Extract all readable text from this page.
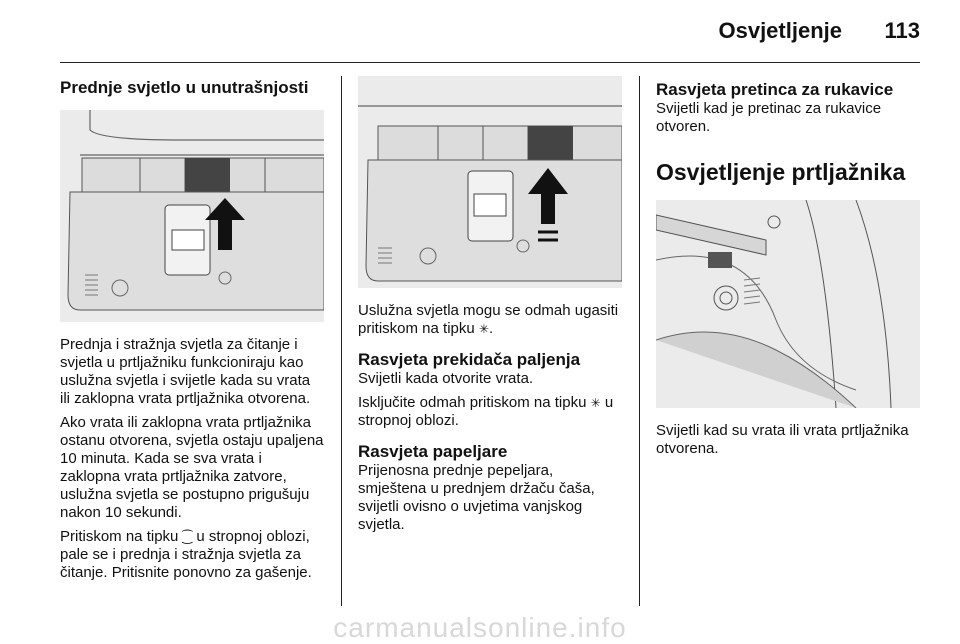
Osvjetljenje 113
Prednje svjetlo u unutrašnjosti

Prednja i stražnja svjetla za čitanje i svjetla u prtljažniku funkcioniraju kao uslužna svjetla i svijetle kada su vrata ili zaklopna vrata prtljažnika otvorena.

Ako vrata ili zaklopna vrata prtljažnika ostanu otvorena, svjetla ostaju upaljena 10 minuta. Kada se sva vrata i zaklopna vrata prtljažnika zatvore, uslužna svjetla se postupno prigušuju nakon 10 sekundi.

Pritiskom na tipku ⁐ u stropnoj oblozi, pale se i prednja i stražnja svjetla za čitanje. Pritisnite ponovno za gašenje.

Uslužna svjetla mogu se odmah ugasiti pritiskom na tipku ✳.

Rasvjeta prekidača paljenja

Svijetli kada otvorite vrata.

Isključite odmah pritiskom na tipku ✳ u stropnoj oblozi.

Rasvjeta papeljare

Prijenosna prednje pepeljara, smještena u prednjem držaču čaša, svijetli ovisno o uvjetima vanjskog svjetla.

Rasvjeta pretinca za rukavice

Svijetli kad je pretinac za rukavice otvoren.

Osvjetljenje prtljažnika

Svijetli kad su vrata ili vrata prtljažnika otvorena.

carmanualsonline.info
